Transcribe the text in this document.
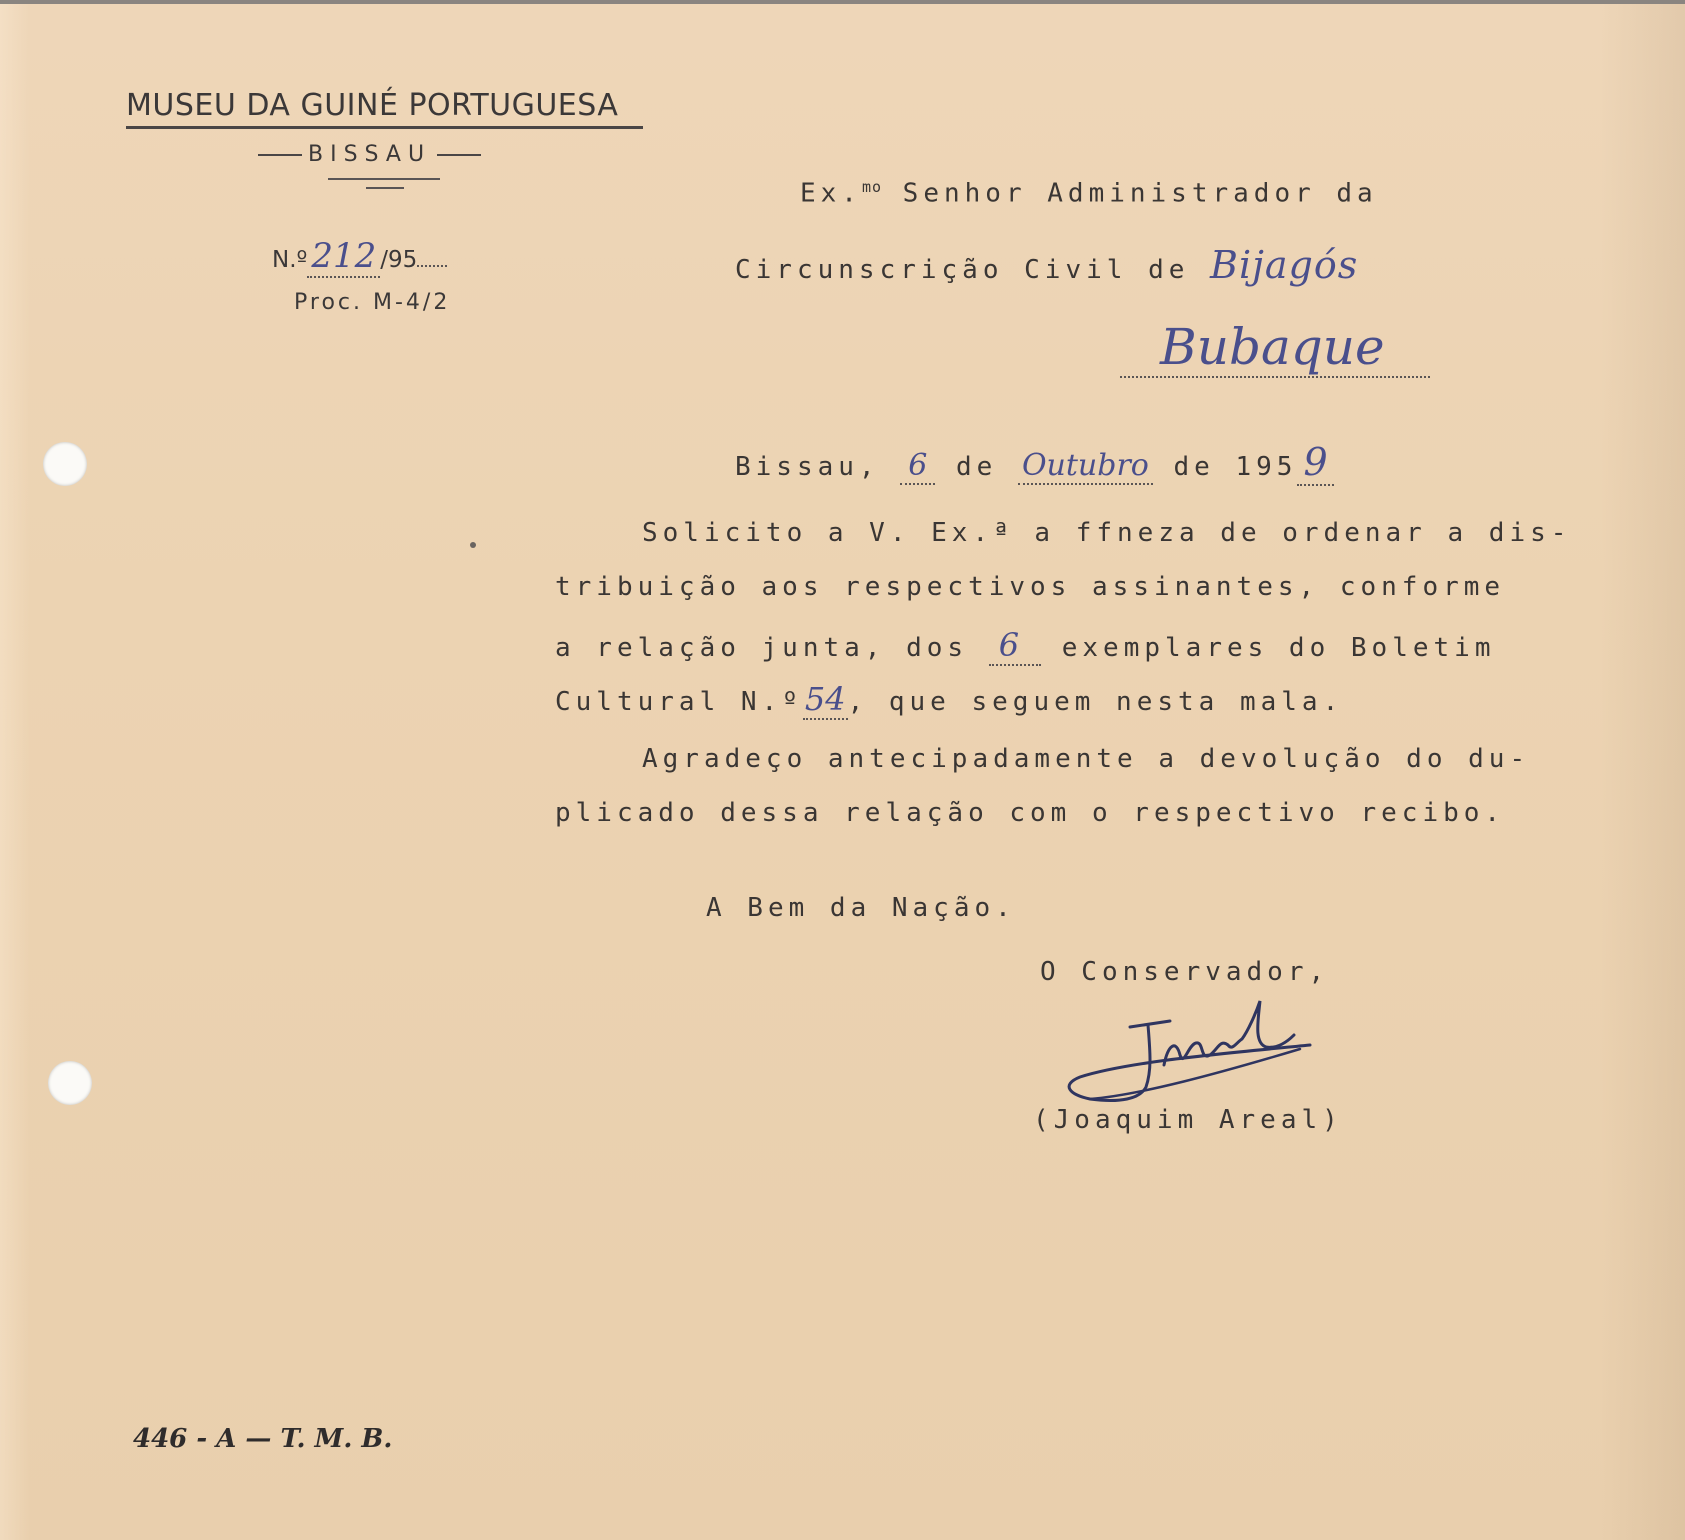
MUSEU DA GUINÉ PORTUGUESA
BISSAU
N.º 212 /95
Proc. M-4/2
Ex.$^{mo}$ Senhor Administrador da
Circunscrição Civil de Bijagós
Bubaque
Bissau, 6 de Outubro de 195 9
Solicito a V. Ex.ª a ffneza de ordenar a dis-
tribuição aos respectivos assinantes, conforme
a relação junta, dos 6 exemplares do Boletim
Cultural N.º54, que seguem nesta mala.
Agradeço antecipadamente a devolução do du-
plicado dessa relação com o respectivo recibo.
A Bem da Nação.
O Conservador,
(Joaquim Areal)
446 - A — T. M. B.
